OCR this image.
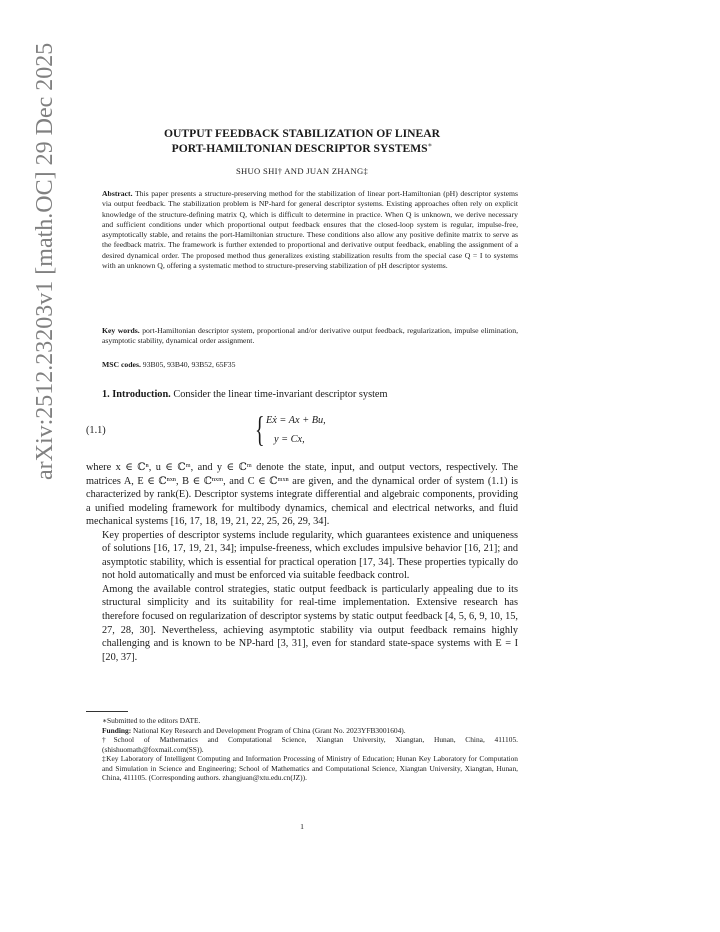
arXiv:2512.23203v1 [math.OC] 29 Dec 2025	OUTPUT FEEDBACK STABILIZATION OF LINEAR
PORT-HAMILTONIAN DESCRIPTOR SYSTEMS∗
SHUO SHI† AND JUAN ZHANG‡
Abstract. This paper presents a structure-preserving method for the stabilization of linear port-Hamiltonian (pH) descriptor systems via output feedback. The stabilization problem is NP-hard for general descriptor systems. Existing approaches often rely on explicit knowledge of the structure-defining matrix Q, which is difficult to determine in practice. When Q is unknown, we derive necessary and sufficient conditions under which proportional output feedback ensures that the closed-loop system is regular, impulse-free, asymptotically stable, and retains the port-Hamiltonian structure. These conditions also allow any positive definite matrix to serve as the feedback matrix. The framework is further extended to proportional and derivative output feedback, enabling the assignment of a desired dynamical order. The proposed method thus generalizes existing stabilization results from the special case Q = I to systems with an unknown Q, offering a systematic method to structure-preserving stabilization of pH descriptor systems.
Key words. port-Hamiltonian descriptor system, proportional and/or derivative output feedback, regularization, impulse elimination, asymptotic stability, dynamical order assignment.
MSC codes. 93B05, 93B40, 93B52, 65F35
1. Introduction. Consider the linear time-invariant descriptor system
(1.1)	{ Eẋ = Ax + Bu,
y = Cx,

where x ∈ ℂⁿ, u ∈ ℂᵐ, and y ∈ ℂᵐ denote the state, input, and output vectors, respectively. The matrices A, E ∈ ℂⁿˣⁿ, B ∈ ℂⁿˣᵐ, and C ∈ ℂᵐˣⁿ are given, and the dynamical order of system (1.1) is characterized by rank(E). Descriptor systems integrate differential and algebraic components, providing a unified modeling framework for multibody dynamics, chemical and electrical networks, and fluid mechanical systems [16, 17, 18, 19, 21, 22, 25, 26, 29, 34].

Key properties of descriptor systems include regularity, which guarantees existence and uniqueness of solutions [16, 17, 19, 21, 34]; impulse-freeness, which excludes impulsive behavior [16, 21]; and asymptotic stability, which is essential for practical operation [17, 34]. These properties typically do not hold automatically and must be enforced via suitable feedback control.

Among the available control strategies, static output feedback is particularly appealing due to its structural simplicity and its suitability for real-time implementation. Extensive research has therefore focused on regularization of descriptor systems by static output feedback [4, 5, 6, 9, 10, 15, 27, 28, 30]. Nevertheless, achieving asymptotic stability via output feedback remains highly challenging and is known to be NP-hard [3, 31], even for standard state-space systems with E = I [20, 37].

∗Submitted to the editors DATE.

Funding: National Key Research and Development Program of China (Grant No. 2023YFB3001604).

†School of Mathematics and Computational Science, Xiangtan University, Xiangtan, Hunan, China, 411105. (shishuomath@foxmail.com(SS)).

‡Key Laboratory of Intelligent Computing and Information Processing of Ministry of Education; Hunan Key Laboratory for Computation and Simulation in Science and Engineering; School of Mathematics and Computational Science, Xiangtan University, Xiangtan, Hunan, China, 411105. (Corresponding authors. zhangjuan@xtu.edu.cn(JZ)).

1
